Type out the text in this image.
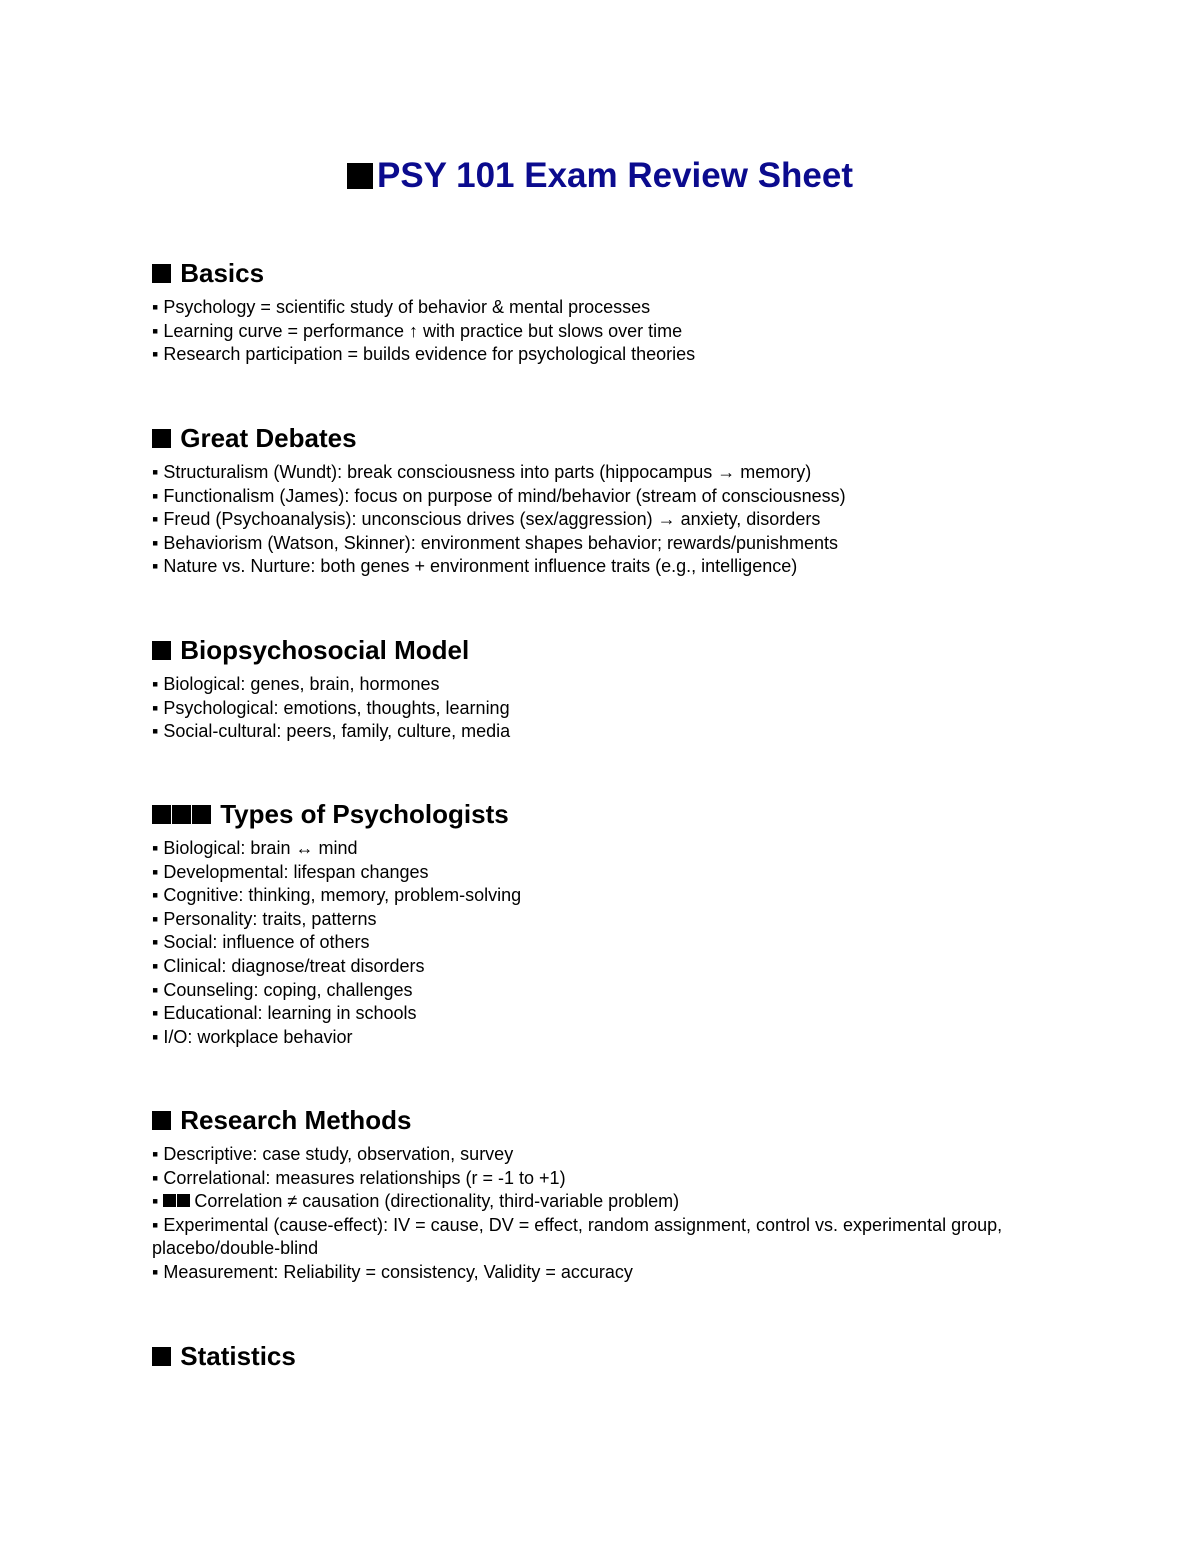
PSY 101 Exam Review Sheet
Basics
▪ Psychology = scientific study of behavior & mental processes
▪ Learning curve = performance ↑ with practice but slows over time
▪ Research participation = builds evidence for psychological theories
Great Debates
▪ Structuralism (Wundt): break consciousness into parts (hippocampus → memory)
▪ Functionalism (James): focus on purpose of mind/behavior (stream of consciousness)
▪ Freud (Psychoanalysis): unconscious drives (sex/aggression) → anxiety, disorders
▪ Behaviorism (Watson, Skinner): environment shapes behavior; rewards/punishments
▪ Nature vs. Nurture: both genes + environment influence traits (e.g., intelligence)
Biopsychosocial Model
▪ Biological: genes, brain, hormones
▪ Psychological: emotions, thoughts, learning
▪ Social-cultural: peers, family, culture, media
Types of Psychologists
▪ Biological: brain ↔ mind
▪ Developmental: lifespan changes
▪ Cognitive: thinking, memory, problem-solving
▪ Personality: traits, patterns
▪ Social: influence of others
▪ Clinical: diagnose/treat disorders
▪ Counseling: coping, challenges
▪ Educational: learning in schools
▪ I/O: workplace behavior
Research Methods
▪ Descriptive: case study, observation, survey
▪ Correlational: measures relationships (r = -1 to +1)
▪ Correlation ≠ causation (directionality, third-variable problem)
▪ Experimental (cause-effect): IV = cause, DV = effect, random assignment, control vs. experimental group, placebo/double-blind
▪ Measurement: Reliability = consistency, Validity = accuracy
Statistics
